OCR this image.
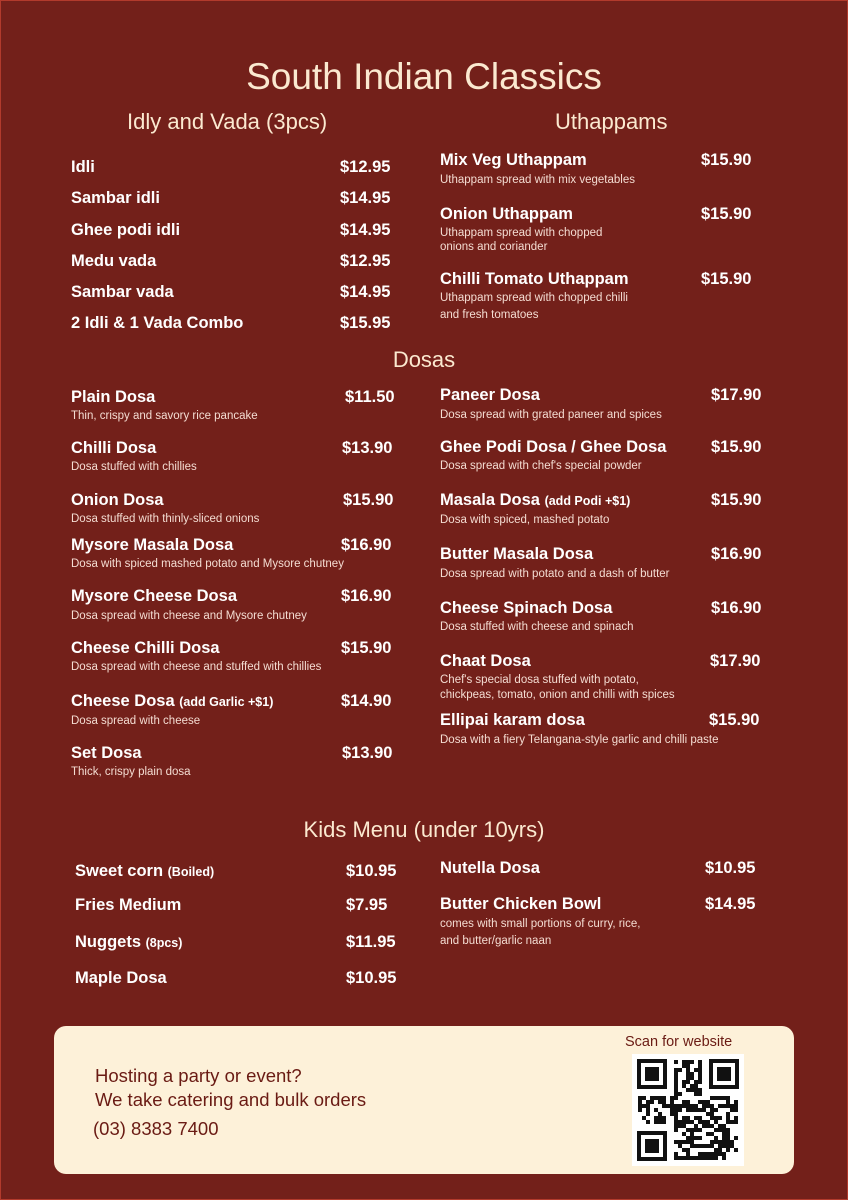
South Indian Classics
Idly and Vada (3pcs)	Uthappams
Dosas
Kids Menu (under 10yrs)
Idli	$12.95
Sambar idli	$14.95
Ghee podi idli	$14.95
Medu vada	$12.95
Sambar vada	$14.95
2 Idli & 1 Vada Combo	$15.95
Mix Veg Uthappam	$15.90
Uthappam spread with mix vegetables
Onion Uthappam	$15.90
Uthappam spread with chopped
onions and coriander
Chilli Tomato Uthappam	$15.90
Uthappam spread with chopped chilli
and fresh tomatoes
Plain Dosa	$11.50
Thin, crispy and savory rice pancake
Chilli Dosa	$13.90
Dosa stuffed with chillies
Onion Dosa	$15.90
Dosa stuffed with thinly-sliced onions
Mysore Masala Dosa	$16.90
Dosa with spiced mashed potato and Mysore chutney
Mysore Cheese Dosa	$16.90
Dosa spread with cheese and Mysore chutney
Cheese Chilli Dosa	$15.90
Dosa spread with cheese and stuffed with chillies
Cheese Dosa (add Garlic +$1)	$14.90
Dosa spread with cheese
Set Dosa	$13.90
Thick, crispy plain dosa
Paneer Dosa	$17.90
Dosa spread with grated paneer and spices
Ghee Podi Dosa / Ghee Dosa	$15.90
Dosa spread with chef's special powder
Masala Dosa (add Podi +$1)	$15.90
Dosa with spiced, mashed potato
Butter Masala Dosa	$16.90
Dosa spread with potato and a dash of butter
Cheese Spinach Dosa	$16.90
Dosa stuffed with cheese and spinach
Chaat Dosa	$17.90
Chef's special dosa stuffed with potato,
chickpeas, tomato, onion and chilli with spices
Ellipai karam dosa	$15.90
Dosa with a fiery Telangana-style garlic and chilli paste
Sweet corn (Boiled)	$10.95
Fries Medium	$7.95
Nuggets (8pcs)	$11.95
Maple Dosa	$10.95
Nutella Dosa	$10.95
Butter Chicken Bowl	$14.95
comes with small portions of curry, rice,
and butter/garlic naan
Hosting a party or event?
We take catering and bulk orders
(03) 8383 7400
Scan for website
